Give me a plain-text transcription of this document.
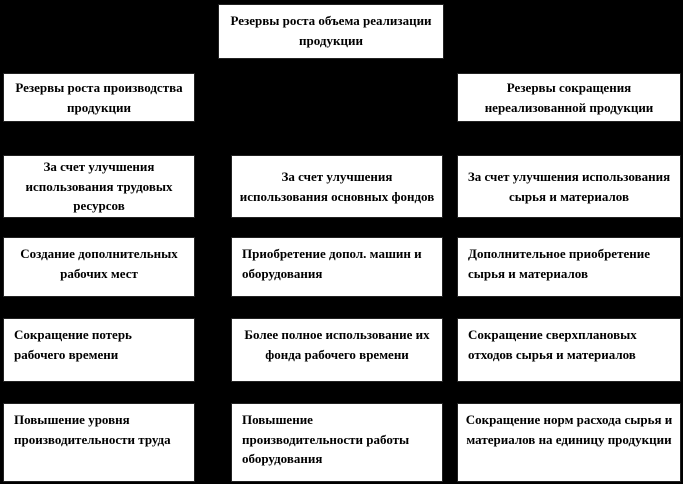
Резервы роста объема реализации продукции
Резервы роста производства продукции
Резервы сокращения нереализованной продукции
За счет улучшения использования трудовых ресурсов
За счет улучшения использования основных фондов
За счет улучшения использования сырья и материалов
Создание дополнительных рабочих мест
Приобретение допол. машин и оборудования
Дополнительное приобретение сырья и материалов
Сокращение потерь рабочего времени
Более полное использование их фонда рабочего времени
Сокращение сверхплановых отходов сырья и материалов
Повышение уровня производительности труда
Повышение производительности работы оборудования
Сокращение норм расхода сырья и материалов на единицу продукции
